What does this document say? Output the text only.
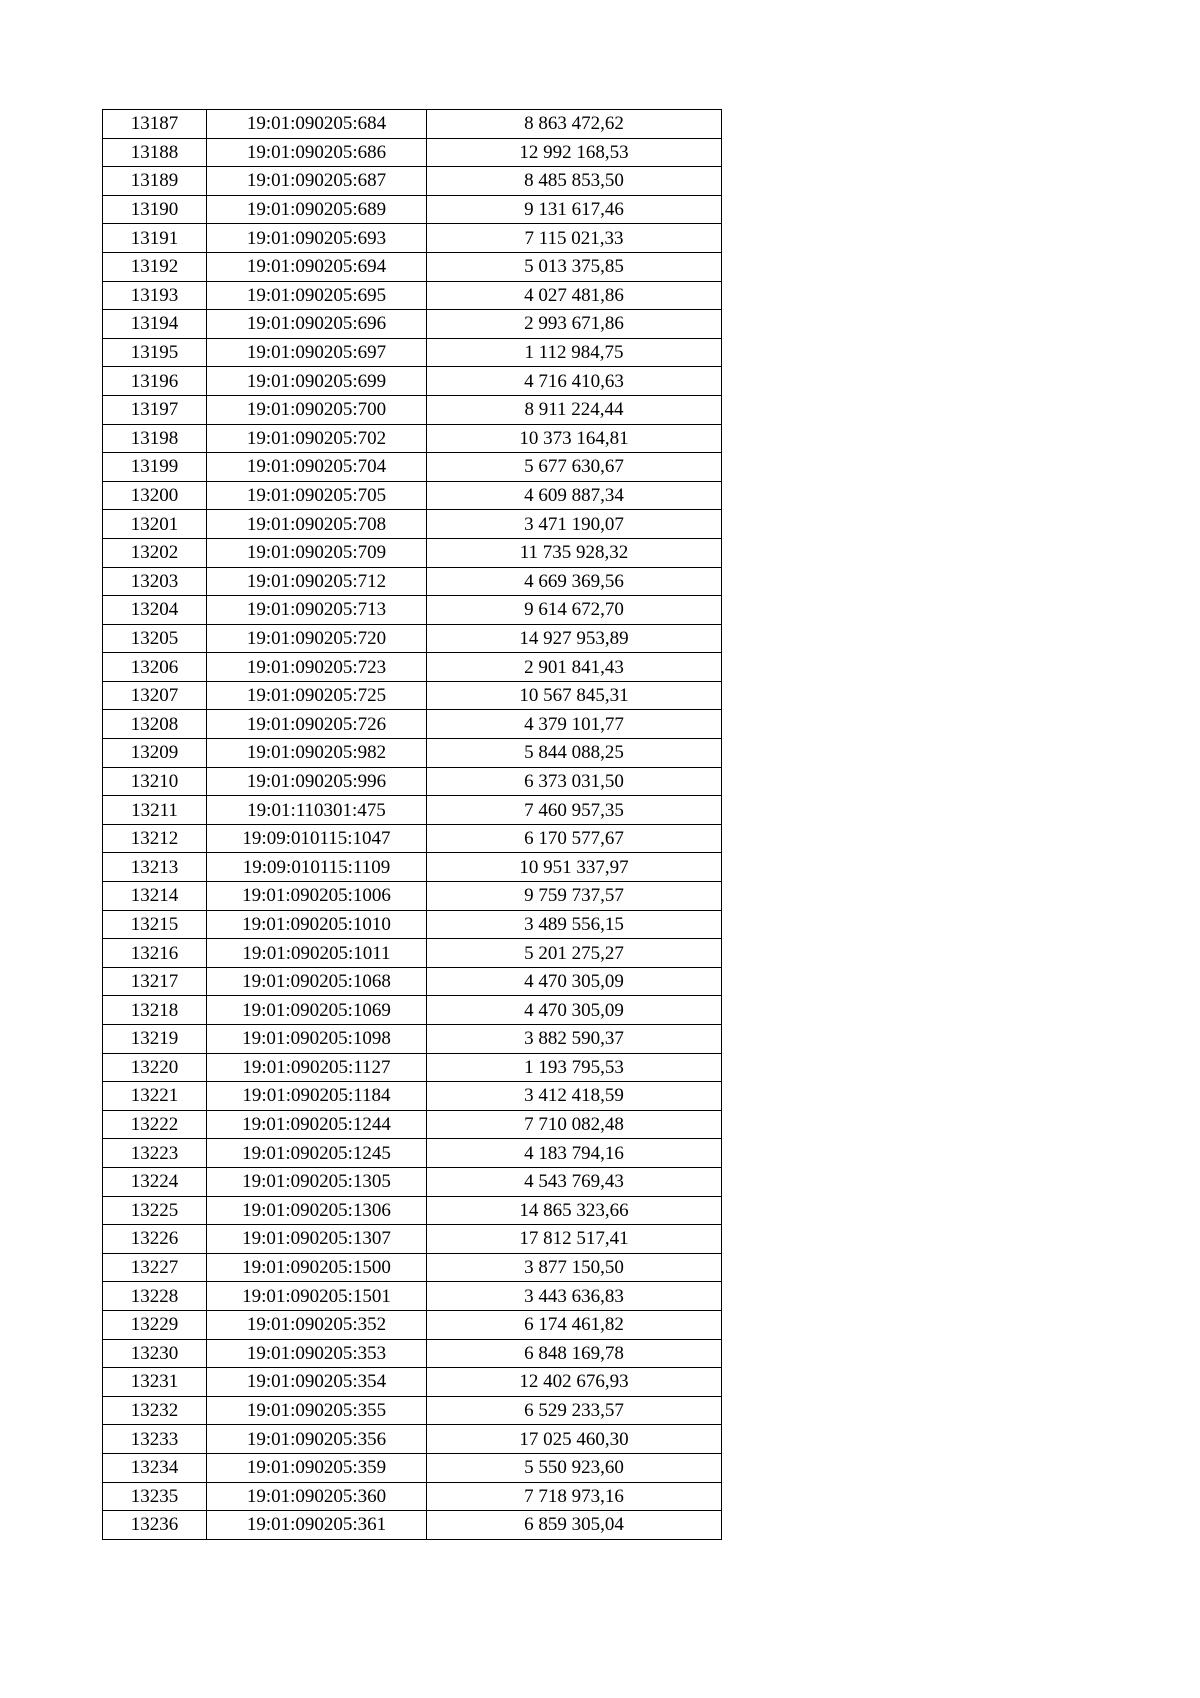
13187	19:01:090205:684	8 863 472,62
13188	19:01:090205:686	12 992 168,53
13189	19:01:090205:687	8 485 853,50
13190	19:01:090205:689	9 131 617,46
13191	19:01:090205:693	7 115 021,33
13192	19:01:090205:694	5 013 375,85
13193	19:01:090205:695	4 027 481,86
13194	19:01:090205:696	2 993 671,86
13195	19:01:090205:697	1 112 984,75
13196	19:01:090205:699	4 716 410,63
13197	19:01:090205:700	8 911 224,44
13198	19:01:090205:702	10 373 164,81
13199	19:01:090205:704	5 677 630,67
13200	19:01:090205:705	4 609 887,34
13201	19:01:090205:708	3 471 190,07
13202	19:01:090205:709	11 735 928,32
13203	19:01:090205:712	4 669 369,56
13204	19:01:090205:713	9 614 672,70
13205	19:01:090205:720	14 927 953,89
13206	19:01:090205:723	2 901 841,43
13207	19:01:090205:725	10 567 845,31
13208	19:01:090205:726	4 379 101,77
13209	19:01:090205:982	5 844 088,25
13210	19:01:090205:996	6 373 031,50
13211	19:01:110301:475	7 460 957,35
13212	19:09:010115:1047	6 170 577,67
13213	19:09:010115:1109	10 951 337,97
13214	19:01:090205:1006	9 759 737,57
13215	19:01:090205:1010	3 489 556,15
13216	19:01:090205:1011	5 201 275,27
13217	19:01:090205:1068	4 470 305,09
13218	19:01:090205:1069	4 470 305,09
13219	19:01:090205:1098	3 882 590,37
13220	19:01:090205:1127	1 193 795,53
13221	19:01:090205:1184	3 412 418,59
13222	19:01:090205:1244	7 710 082,48
13223	19:01:090205:1245	4 183 794,16
13224	19:01:090205:1305	4 543 769,43
13225	19:01:090205:1306	14 865 323,66
13226	19:01:090205:1307	17 812 517,41
13227	19:01:090205:1500	3 877 150,50
13228	19:01:090205:1501	3 443 636,83
13229	19:01:090205:352	6 174 461,82
13230	19:01:090205:353	6 848 169,78
13231	19:01:090205:354	12 402 676,93
13232	19:01:090205:355	6 529 233,57
13233	19:01:090205:356	17 025 460,30
13234	19:01:090205:359	5 550 923,60
13235	19:01:090205:360	7 718 973,16
13236	19:01:090205:361	6 859 305,04
